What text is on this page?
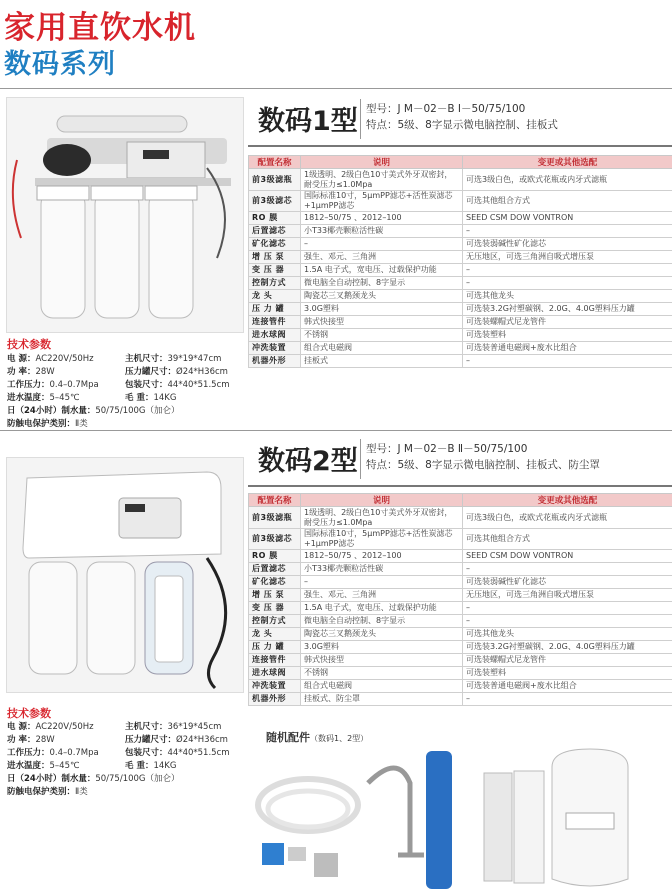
家用直饮水机
数码系列
技术参数
电 源：AC220V/50Hz	主机尺寸：39*19*47cm
功 率：28W	压力罐尺寸：Ø24*H36cm
工作压力：0.4–0.7Mpa	包装尺寸：44*40*51.5cm
进水温度：5–45℃	毛 重：14KG
日（24小时）制水量： 50/75/100G（加仑）
防触电保护类别： Ⅱ类
数码1型 型号：J M－02－B Ⅰ－50/75/100
特点：5级、8字显示微电脑控制、挂板式
配置名称	说明	变更或其他选配
前3级滤瓶	1级透明、2级白色10寸美式外牙双密封，耐受压力≤1.0Mpa	可选3级白色，或欧式花瓶或内牙式滤瓶
前3级滤芯	国际标准10寸，5μmPP滤芯+活性炭滤芯+1μmPP滤芯	可选其他组合方式
RO 膜	1812–50/75 、2012–100	SEED CSM DOW VONTRON
后置滤芯	小T33椰壳颗粒活性碳	–
矿化滤芯	–	可选装弱碱性矿化滤芯
增 压 泵	强生、邓元、三角洲	无压地区，可选三角洲自吸式增压泵
变 压 器	1.5A 电子式，宽电压、过载保护功能	–
控制方式	微电脑全自动控制、8字显示	–
龙 头	陶瓷芯三叉鹅颈龙头	可选其他龙头
压 力 罐	3.0G塑料	可选装3.2G衬塑碳钢、2.0G、4.0G塑料压力罐
连接管件	韩式快接型	可选装螺帽式尼龙管件
进水球阀	不锈钢	可选装塑料
冲洗装置	组合式电磁阀	可选装普通电磁阀+废水比组合
机器外形	挂板式	–
技术参数
电 源：AC220V/50Hz	主机尺寸：36*19*45cm
功 率：28W	压力罐尺寸：Ø24*H36cm
工作压力：0.4–0.7Mpa	包装尺寸：44*40*51.5cm
进水温度：5–45℃	毛 重：14KG
日（24小时）制水量： 50/75/100G（加仑）
防触电保护类别： Ⅱ类
数码2型 型号：J M－02－B Ⅱ－50/75/100
特点：5级、8字显示微电脑控制、挂板式、防尘罩
配置名称	说明	变更或其他选配
前3级滤瓶	1级透明、2级白色10寸美式外牙双密封，耐受压力≤1.0Mpa	可选3级白色，或欧式花瓶或内牙式滤瓶
前3级滤芯	国际标准10寸，5μmPP滤芯+活性炭滤芯+1μmPP滤芯	可选其他组合方式
RO 膜	1812–50/75 、2012–100	SEED CSM DOW VONTRON
后置滤芯	小T33椰壳颗粒活性碳	–
矿化滤芯	–	可选装弱碱性矿化滤芯
增 压 泵	强生、邓元、三角洲	无压地区，可选三角洲自吸式增压泵
变 压 器	1.5A 电子式，宽电压、过载保护功能	–
控制方式	微电脑全自动控制、8字显示	–
龙 头	陶瓷芯三叉鹅颈龙头	可选其他龙头
压 力 罐	3.0G塑料	可选装3.2G衬塑碳钢、2.0G、4.0G塑料压力罐
连接管件	韩式快接型	可选装螺帽式尼龙管件
进水球阀	不锈钢	可选装塑料
冲洗装置	组合式电磁阀	可选装普通电磁阀+废水比组合
机器外形	挂板式、防尘罩	–
随机配件（数码1、2型）
